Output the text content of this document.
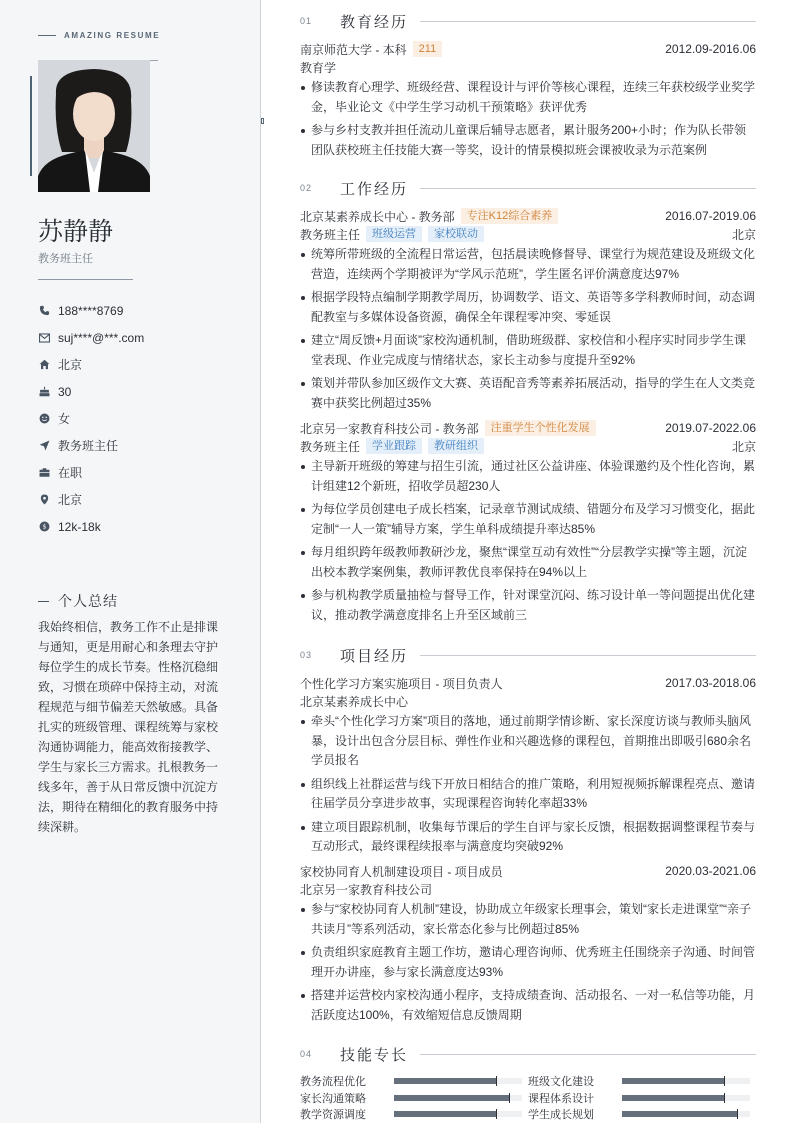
AMAZING RESUME
苏静静
教务班主任
188****8769
suj****@***.com
北京
30
女
教务班主任
在职
北京
$ 12k-18k
个人总结

我始终相信，教务工作不止是排课与通知，更是用耐心和条理去守护每位学生的成长节奏。性格沉稳细致，习惯在琐碎中保持主动，对流程规范与细节偏差天然敏感。具备扎实的班级管理、课程统筹与家校沟通协调能力，能高效衔接教学、学生与家长三方需求。扎根教务一线多年，善于从日常反馈中沉淀方法，期待在精细化的教育服务中持续深耕。

01	教育经历
南京师范大学 - 本科	211	2012.09-2016.06
教育学
修读教育心理学、班级经营、课程设计与评价等核心课程，连续三年获校级学业奖学金，毕业论文《中学生学习动机干预策略》获评优秀
参与乡村支教并担任流动儿童课后辅导志愿者，累计服务200+小时；作为队长带领团队获校班主任技能大赛一等奖，设计的情景模拟班会课被收录为示范案例
02	工作经历
北京某素养成长中心 - 教务部	专注K12综合素养	2016.07-2019.06
教务班主任	班级运营	家校联动	北京
统筹所带班级的全流程日常运营，包括晨读晚修督导、课堂行为规范建设及班级文化营造，连续两个学期被评为“学风示范班”，学生匿名评价满意度达97%
根据学段特点编制学期教学周历，协调数学、语文、英语等多学科教师时间，动态调配教室与多媒体设备资源，确保全年课程零冲突、零延误
建立“周反馈+月面谈”家校沟通机制，借助班级群、家校信和小程序实时同步学生课堂表现、作业完成度与情绪状态，家长主动参与度提升至92%
策划并带队参加区级作文大赛、英语配音秀等素养拓展活动，指导的学生在人文类竞赛中获奖比例超过35%
北京另一家教育科技公司 - 教务部	注重学生个性化发展	2019.07-2022.06
教务班主任	学业跟踪	教研组织	北京
主导新开班级的筹建与招生引流，通过社区公益讲座、体验课邀约及个性化咨询，累计组建12个新班，招收学员超230人
为每位学员创建电子成长档案，记录章节测试成绩、错题分布及学习习惯变化，据此定制“一人一策”辅导方案，学生单科成绩提升率达85%
每月组织跨年级教师教研沙龙，聚焦“课堂互动有效性”“分层教学实操”等主题，沉淀出校本教学案例集，教师评教优良率保持在94%以上
参与机构教学质量抽检与督导工作，针对课堂沉闷、练习设计单一等问题提出优化建议，推动教学满意度排名上升至区域前三
03	项目经历
个性化学习方案实施项目 - 项目负责人	2017.03-2018.06
北京某素养成长中心
牵头“个性化学习方案”项目的落地，通过前期学情诊断、家长深度访谈与教师头脑风暴，设计出包含分层目标、弹性作业和兴趣选修的课程包，首期推出即吸引680余名学员报名
组织线上社群运营与线下开放日相结合的推广策略，利用短视频拆解课程亮点、邀请往届学员分享进步故事，实现课程咨询转化率超33%
建立项目跟踪机制，收集每节课后的学生自评与家长反馈，根据数据调整课程节奏与互动形式，最终课程续报率与满意度均突破92%
家校协同育人机制建设项目 - 项目成员	2020.03-2021.06
北京另一家教育科技公司
参与“家校协同育人机制”建设，协助成立年级家长理事会，策划“家长走进课堂”“亲子共读月”等系列活动，家长常态化参与比例超过85%
负责组织家庭教育主题工作坊，邀请心理咨询师、优秀班主任围绕亲子沟通、时间管理开办讲座，参与家长满意度达93%
搭建并运营校内家校沟通小程序，支持成绩查询、活动报名、一对一私信等功能，月活跃度达100%，有效缩短信息反馈周期
04	技能专长
教务流程优化	班级文化建设
家长沟通策略	课程体系设计
教学资源调度	学生成长规划
